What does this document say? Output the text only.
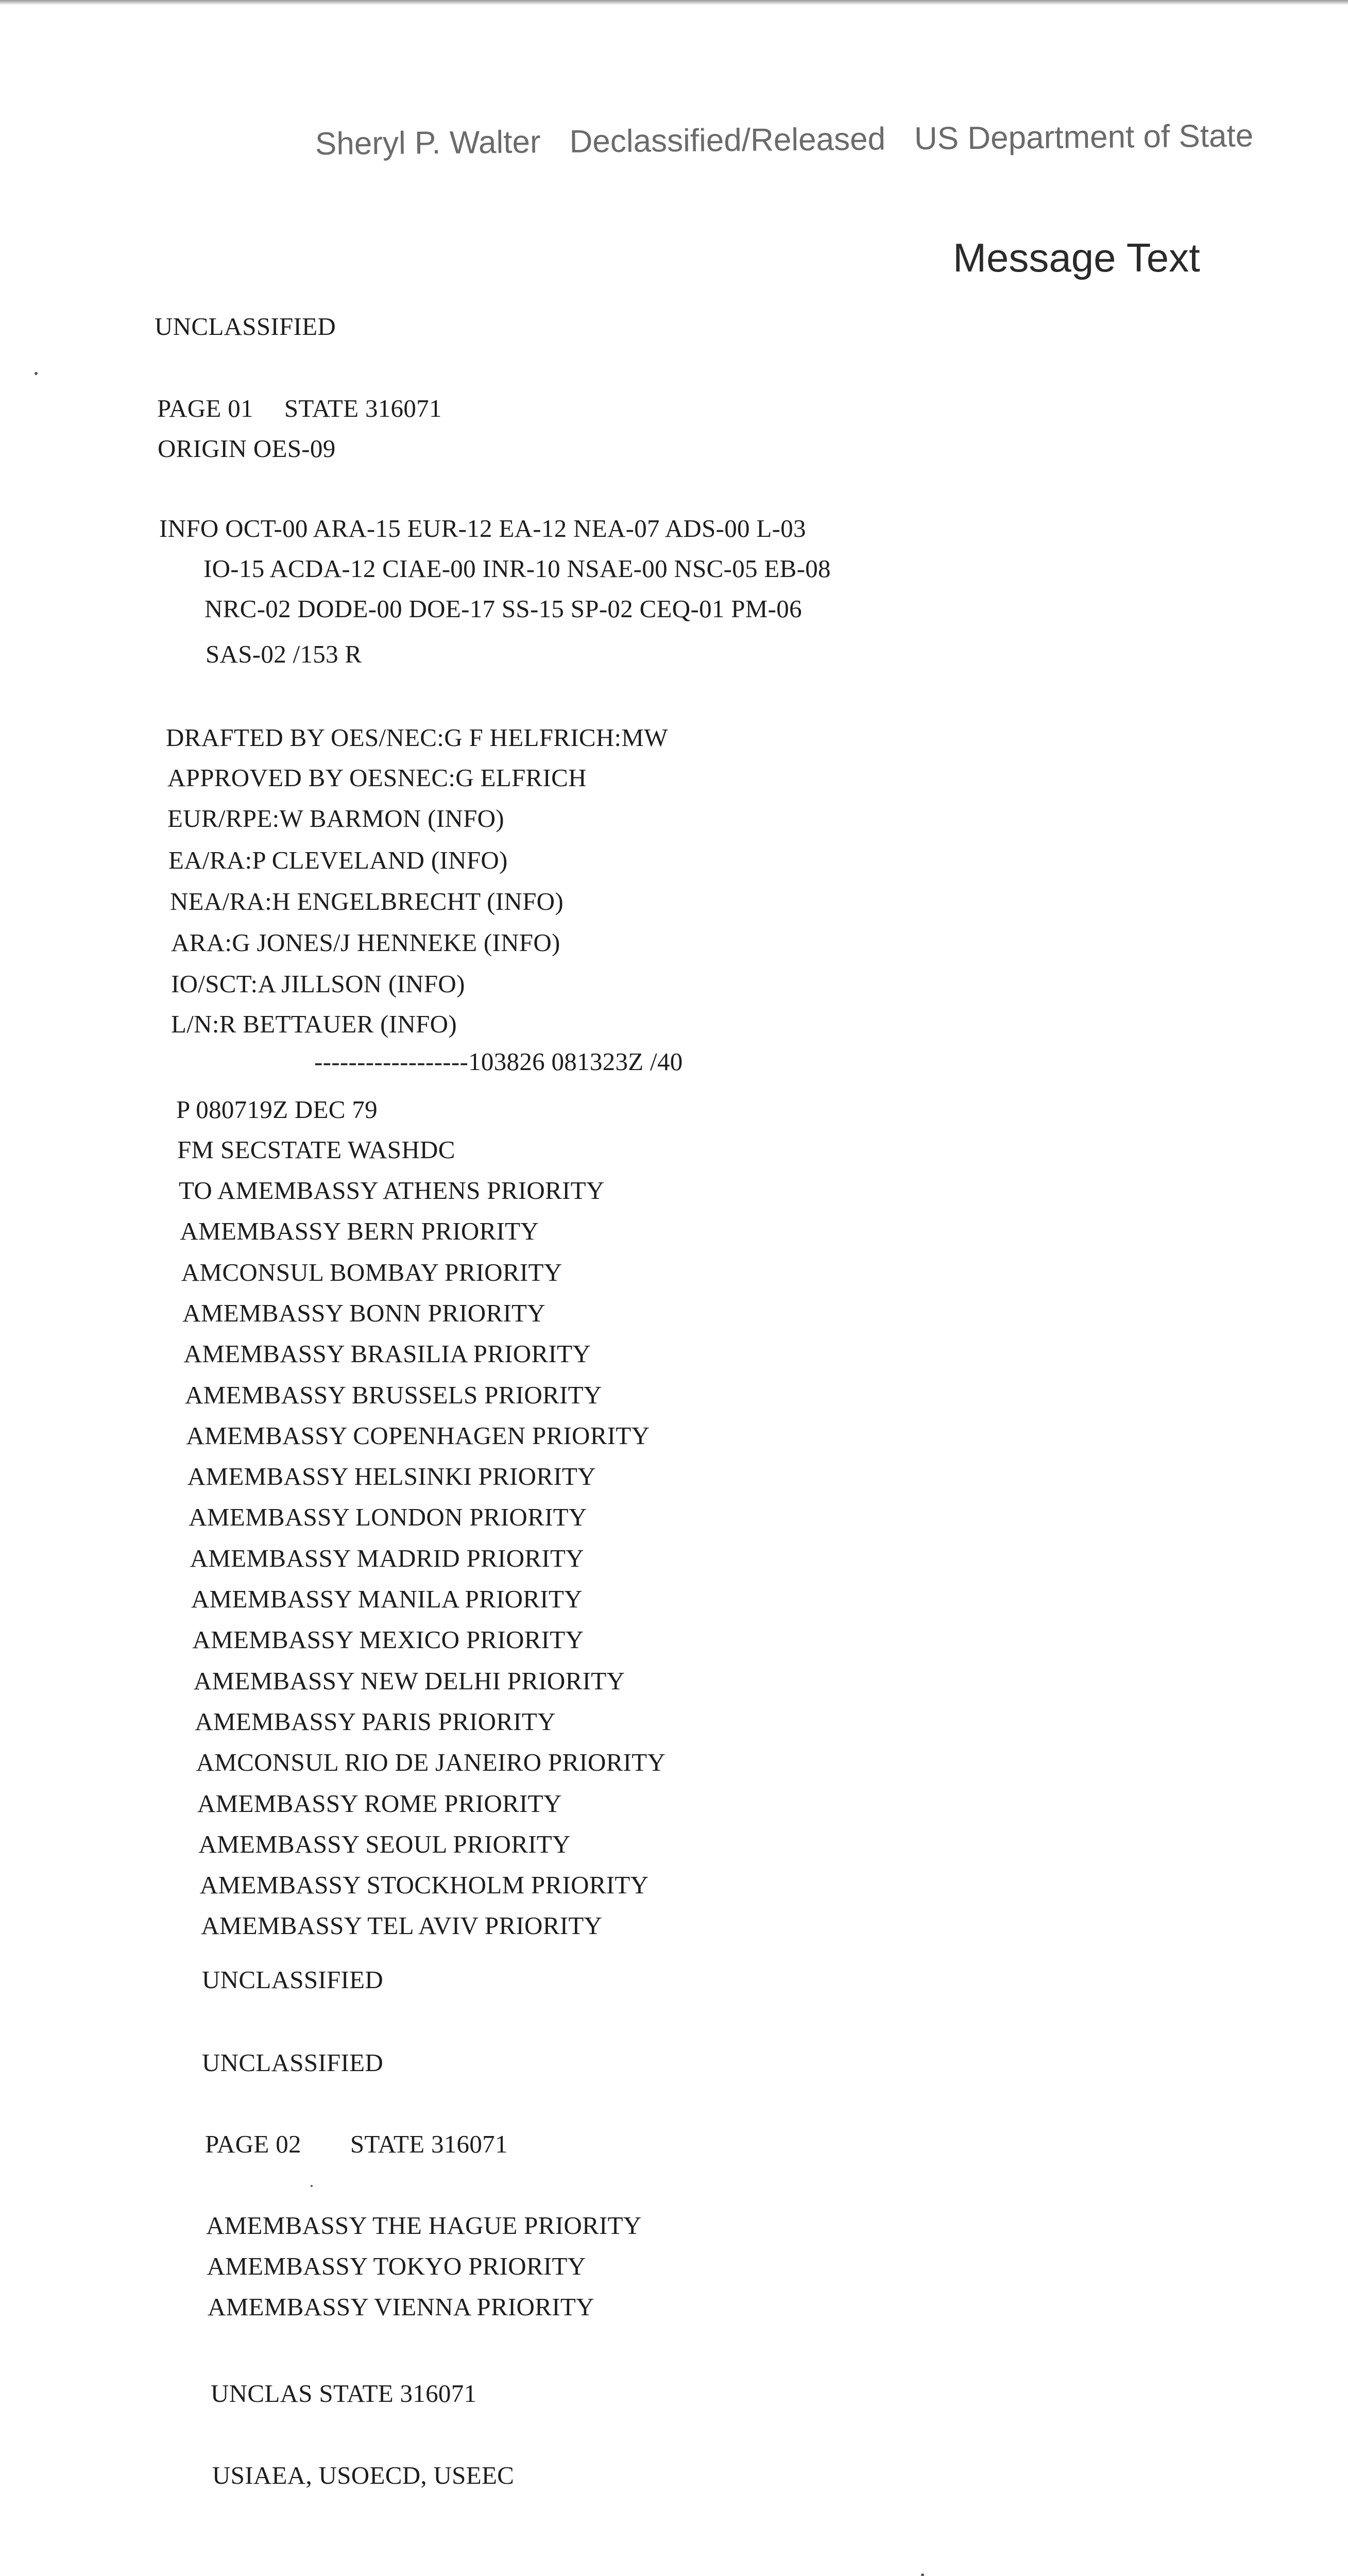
Sheryl P. Walter Declassified/Released US Department of State
Message Text
UNCLASSIFIED
PAGE 01 STATE 316071
ORIGIN OES-09
INFO OCT-00 ARA-15 EUR-12 EA-12 NEA-07 ADS-00 L-03
IO-15 ACDA-12 CIAE-00 INR-10 NSAE-00 NSC-05 EB-08
NRC-02 DODE-00 DOE-17 SS-15 SP-02 CEQ-01 PM-06
SAS-02 /153 R
DRAFTED BY OES/NEC:G F HELFRICH:MW
APPROVED BY OESNEC:G ELFRICH
EUR/RPE:W BARMON (INFO)
EA/RA:P CLEVELAND (INFO)
NEA/RA:H ENGELBRECHT (INFO)
ARA:G JONES/J HENNEKE (INFO)
IO/SCT:A JILLSON (INFO)
L/N:R BETTAUER (INFO)
------------------103826 081323Z /40
P 080719Z DEC 79
FM SECSTATE WASHDC
TO AMEMBASSY ATHENS PRIORITY
AMEMBASSY BERN PRIORITY
AMCONSUL BOMBAY PRIORITY
AMEMBASSY BONN PRIORITY
AMEMBASSY BRASILIA PRIORITY
AMEMBASSY BRUSSELS PRIORITY
AMEMBASSY COPENHAGEN PRIORITY
AMEMBASSY HELSINKI PRIORITY
AMEMBASSY LONDON PRIORITY
AMEMBASSY MADRID PRIORITY
AMEMBASSY MANILA PRIORITY
AMEMBASSY MEXICO PRIORITY
AMEMBASSY NEW DELHI PRIORITY
AMEMBASSY PARIS PRIORITY
AMCONSUL RIO DE JANEIRO PRIORITY
AMEMBASSY ROME PRIORITY
AMEMBASSY SEOUL PRIORITY
AMEMBASSY STOCKHOLM PRIORITY
AMEMBASSY TEL AVIV PRIORITY
UNCLASSIFIED
UNCLASSIFIED
PAGE 02 STATE 316071
AMEMBASSY THE HAGUE PRIORITY
AMEMBASSY TOKYO PRIORITY
AMEMBASSY VIENNA PRIORITY
UNCLAS STATE 316071
USIAEA, USOECD, USEEC
